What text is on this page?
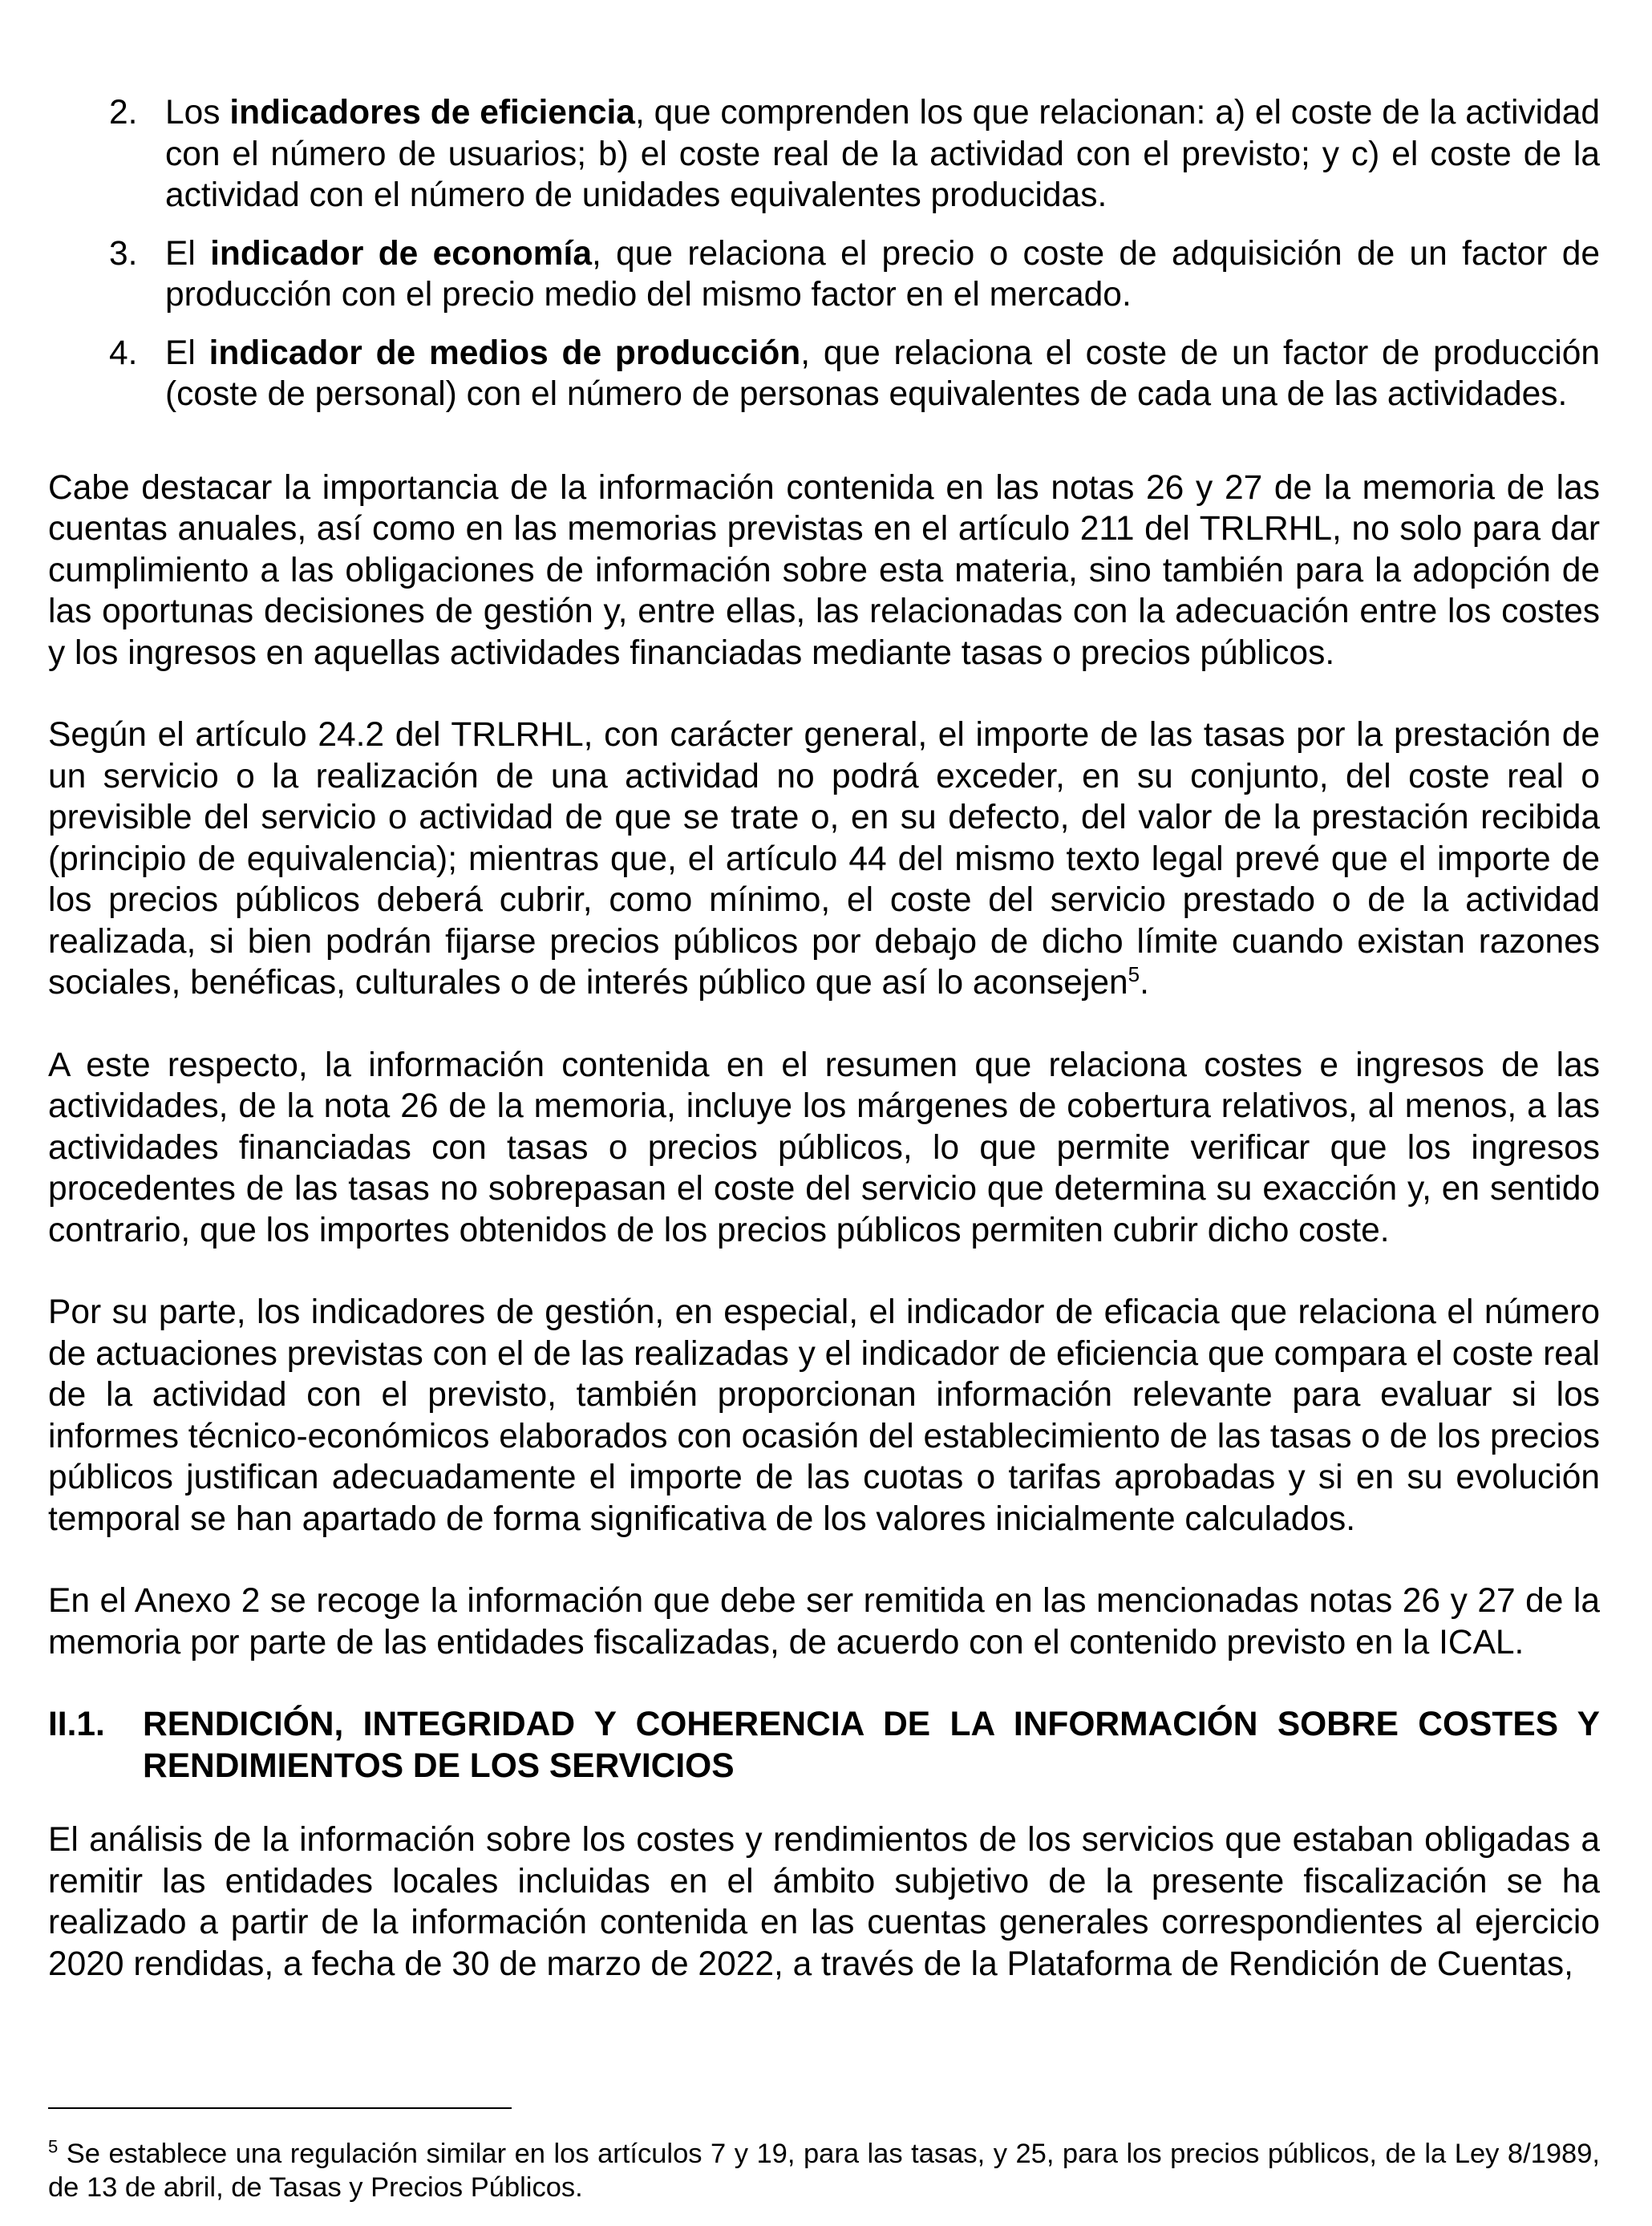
2. Los indicadores de eficiencia, que comprenden los que relacionan: a) el coste de la actividad con el número de usuarios; b) el coste real de la actividad con el previsto; y c) el coste de la actividad con el número de unidades equivalentes producidas.

3. El indicador de economía, que relaciona el precio o coste de adquisición de un factor de producción con el precio medio del mismo factor en el mercado.

4. El indicador de medios de producción, que relaciona el coste de un factor de producción (coste de personal) con el número de personas equivalentes de cada una de las actividades.

Cabe destacar la importancia de la información contenida en las notas 26 y 27 de la memoria de las cuentas anuales, así como en las memorias previstas en el artículo 211 del TRLRHL, no solo para dar cumplimiento a las obligaciones de información sobre esta materia, sino también para la adopción de las oportunas decisiones de gestión y, entre ellas, las relacionadas con la adecuación entre los costes y los ingresos en aquellas actividades financiadas mediante tasas o precios públicos.

Según el artículo 24.2 del TRLRHL, con carácter general, el importe de las tasas por la prestación de un servicio o la realización de una actividad no podrá exceder, en su conjunto, del coste real o previsible del servicio o actividad de que se trate o, en su defecto, del valor de la prestación recibida (principio de equivalencia); mientras que, el artículo 44 del mismo texto legal prevé que el importe de los precios públicos deberá cubrir, como mínimo, el coste del servicio prestado o de la actividad realizada, si bien podrán fijarse precios públicos por debajo de dicho límite cuando existan razones sociales, benéficas, culturales o de interés público que así lo aconsejen$^5$.

A este respecto, la información contenida en el resumen que relaciona costes e ingresos de las actividades, de la nota 26 de la memoria, incluye los márgenes de cobertura relativos, al menos, a las actividades financiadas con tasas o precios públicos, lo que permite verificar que los ingresos procedentes de las tasas no sobrepasan el coste del servicio que determina su exacción y, en sentido contrario, que los importes obtenidos de los precios públicos permiten cubrir dicho coste.

Por su parte, los indicadores de gestión, en especial, el indicador de eficacia que relaciona el número de actuaciones previstas con el de las realizadas y el indicador de eficiencia que compara el coste real de la actividad con el previsto, también proporcionan información relevante para evaluar si los informes técnico-económicos elaborados con ocasión del establecimiento de las tasas o de los precios públicos justifican adecuadamente el importe de las cuotas o tarifas aprobadas y si en su evolución temporal se han apartado de forma significativa de los valores inicialmente calculados.

En el Anexo 2 se recoge la información que debe ser remitida en las mencionadas notas 26 y 27 de la memoria por parte de las entidades fiscalizadas, de acuerdo con el contenido previsto en la ICAL.

II.1. RENDICIÓN, INTEGRIDAD Y COHERENCIA DE LA INFORMACIÓN SOBRE COSTES Y RENDIMIENTOS DE LOS SERVICIOS

El análisis de la información sobre los costes y rendimientos de los servicios que estaban obligadas a remitir las entidades locales incluidas en el ámbito subjetivo de la presente fiscalización se ha realizado a partir de la información contenida en las cuentas generales correspondientes al ejercicio 2020 rendidas, a fecha de 30 de marzo de 2022, a través de la Plataforma de Rendición de Cuentas,

$^5$ Se establece una regulación similar en los artículos 7 y 19, para las tasas, y 25, para los precios públicos, de la Ley 8/1989, de 13 de abril, de Tasas y Precios Públicos.
